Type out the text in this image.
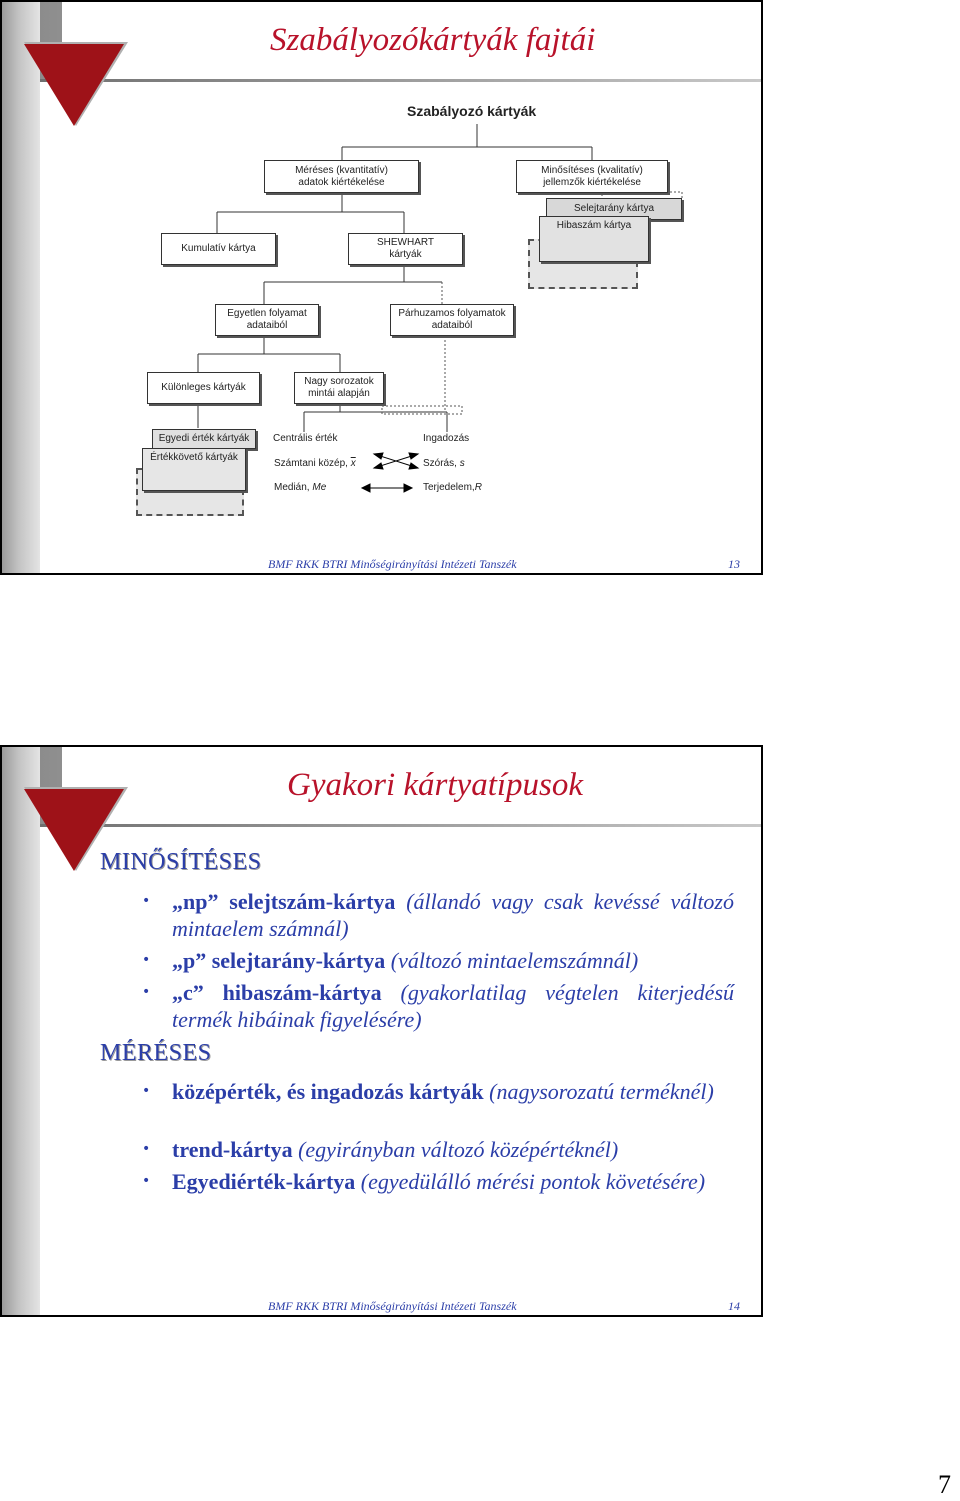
Szabályozókártyák fajtái
Szabályozó kártyák
Méréses (kvantitatív)
adatok kiértékelése
Minősítéses (kvalitatív)
jellemzők kiértékelése
Selejtarány kártya
Hibaszám kártya
Kumulatív kártya
SHEWHART
kártyák
Egyetlen folyamat
adataiból
Párhuzamos folyamatok
adataiból
Különleges kártyák
Nagy sorozatok
mintái alapján
Egyedi érték kártyák
Értékkövető kártyák
Centrális érték
Számtani közép, $\overline{x}$
Medián, Me
Ingadozás
Szórás, s
Terjedelem,R
BMF RKK BTRI Minőségirányítási Intézeti Tanszék	13
Gyakori kártyatípusok
MINŐSÍTÉSES
• „np” selejtszám-kártya (állandó vagy csak kevéssé változó mintaelem számnál)
• „p” selejtarány-kártya (változó mintaelemszámnál)
• „c” hibaszám-kártya (gyakorlatilag végtelen kiterjedésű termék hibáinak figyelésére)
MÉRÉSES
• középérték, és ingadozás kártyák (nagysorozatú terméknél)
• trend-kártya (egyirányban változó középértéknél)
• Egyediérték-kártya (egyedülálló mérési pontok követésére)
BMF RKK BTRI Minőségirányítási Intézeti Tanszék	14
7
